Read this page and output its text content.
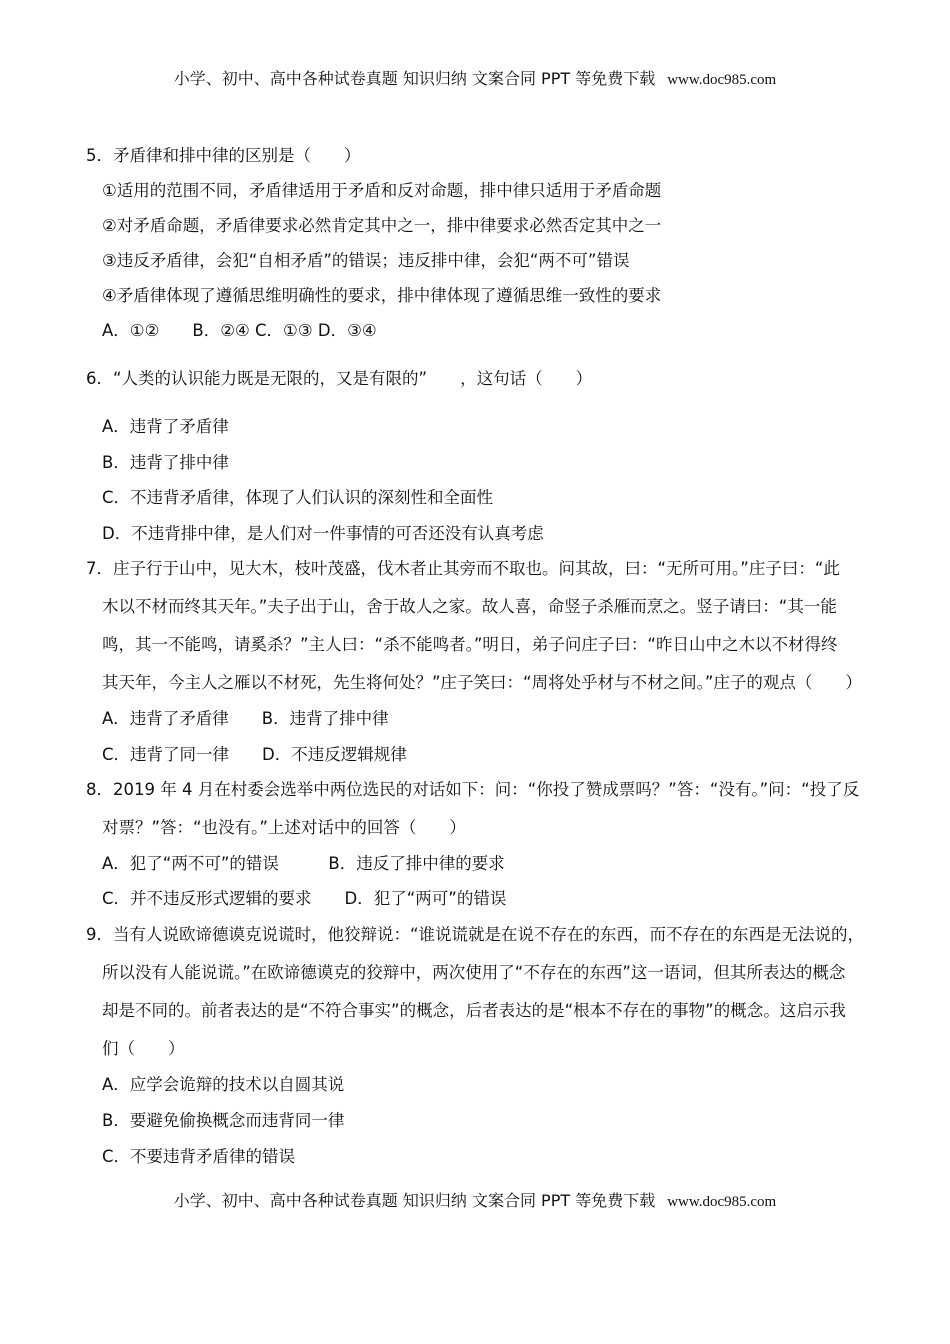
小学、初中、高中各种试卷真题 知识归纳 文案合同 PPT 等免费下载 www.doc985.com
5．矛盾律和排中律的区别是（　　）
①适用的范围不同，矛盾律适用于矛盾和反对命题，排中律只适用于矛盾命题
②对矛盾命题，矛盾律要求必然肯定其中之一，排中律要求必然否定其中之一
③违反矛盾律，会犯“自相矛盾”的错误；违反排中律，会犯“两不可”错误
④矛盾律体现了遵循思维明确性的要求，排中律体现了遵循思维一致性的要求
A．①②　　B．②④ C．①③ D．③④
6．“人类的认识能力既是无限的，又是有限的”　　，这句话（　　）
A．违背了矛盾律
B．违背了排中律
C．不违背矛盾律，体现了人们认识的深刻性和全面性
D．不违背排中律，是人们对一件事情的可否还没有认真考虑
7．庄子行于山中，见大木，枝叶茂盛，伐木者止其旁而不取也。问其故，曰：“无所可用。”庄子曰：“此
木以不材而终其天年。”夫子出于山，舍于故人之家。故人喜，命竖子杀雁而烹之。竖子请曰：“其一能
鸣，其一不能鸣，请奚杀？”主人曰：“杀不能鸣者。”明日，弟子问庄子曰：“昨日山中之木以不材得终
其天年，今主人之雁以不材死，先生将何处？”庄子笑曰：“周将处乎材与不材之间。”庄子的观点（　　）
A．违背了矛盾律　　B．违背了排中律
C．违背了同一律　　D．不违反逻辑规律
8．2019 年 4 月在村委会选举中两位选民的对话如下：问：“你投了赞成票吗？”答：“没有。”问：“投了反
对票？”答：“也没有。”上述对话中的回答（　　）
A．犯了“两不可”的错误　　　B．违反了排中律的要求
C．并不违反形式逻辑的要求　　D．犯了“两可”的错误
9．当有人说欧谛德谟克说谎时，他狡辩说：“谁说谎就是在说不存在的东西，而不存在的东西是无法说的，
所以没有人能说谎。”在欧谛德谟克的狡辩中，两次使用了“不存在的东西”这一语词，但其所表达的概念
却是不同的。前者表达的是“不符合事实”的概念，后者表达的是“根本不存在的事物”的概念。这启示我
们（　　）
A．应学会诡辩的技术以自圆其说
B．要避免偷换概念而违背同一律
C．不要违背矛盾律的错误
小学、初中、高中各种试卷真题 知识归纳 文案合同 PPT 等免费下载 www.doc985.com
